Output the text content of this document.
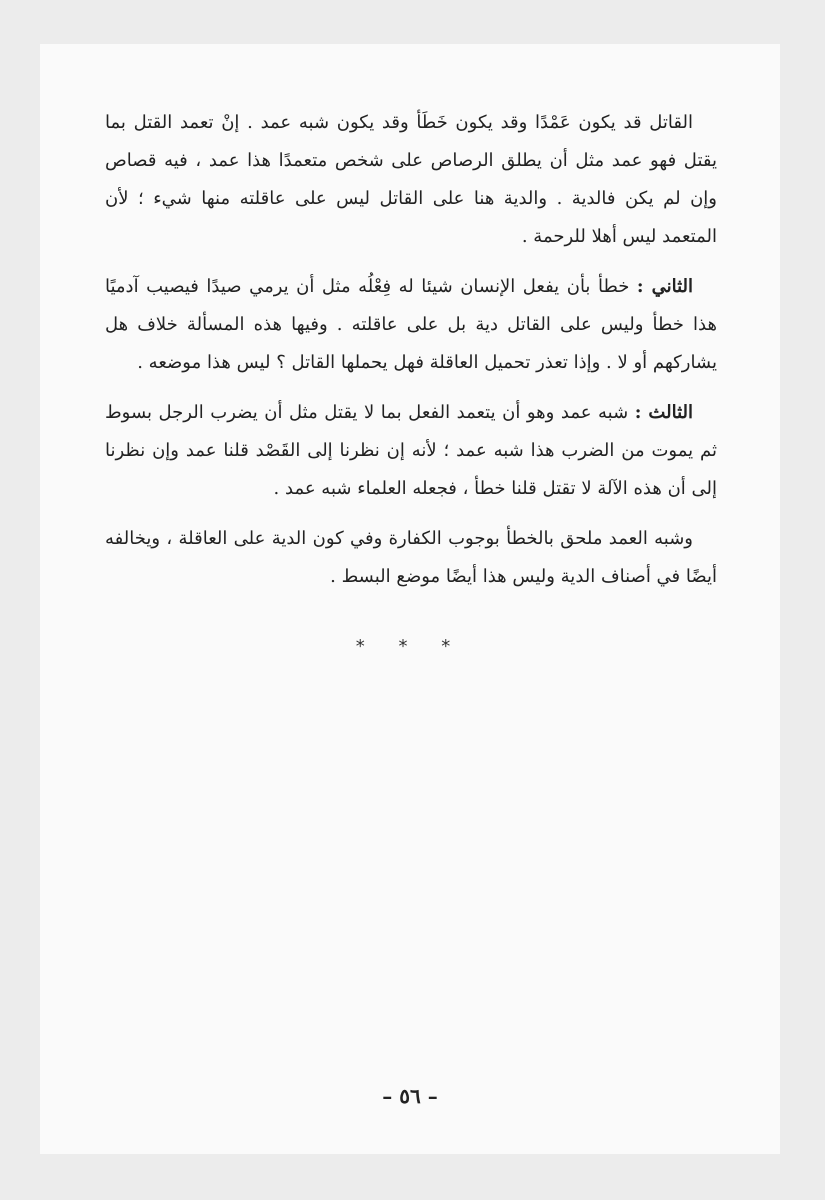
القاتل قد يكون عَمْدًا وقد يكون خَطَأ وقد يكون شبه عمد . إنْ تعمد القتل بما يقتل فهو عمد مثل أن يطلق الرصاص على شخص متعمدًا هذا عمد ، فيه قصاص وإن لم يكن فالدية . والدية هنا على القاتل ليس على عاقلته منها شيء ؛ لأن المتعمد ليس أهلا للرحمة .

الثاني : خطأ بأن يفعل الإنسان شيئا له فِعْلُه مثل أن يرمي صيدًا فيصيب آدميًا هذا خطأ وليس على القاتل دية بل على عاقلته . وفيها هذه المسألة خلاف هل يشاركهم أو لا . وإذا تعذر تحميل العاقلة فهل يحملها القاتل ؟ ليس هذا موضعه .

الثالث : شبه عمد وهو أن يتعمد الفعل بما لا يقتل مثل أن يضرب الرجل بسوط ثم يموت من الضرب هذا شبه عمد ؛ لأنه إن نظرنا إلى القَصْد قلنا عمد وإن نظرنا إلى أن هذه الآلة لا تقتل قلنا خطأ ، فجعله العلماء شبه عمد .

وشبه العمد ملحق بالخطأ بوجوب الكفارة وفي كون الدية على العاقلة ، ويخالفه أيضًا في أصناف الدية وليس هذا أيضًا موضع البسط .

* * *
– ٥٦ –
